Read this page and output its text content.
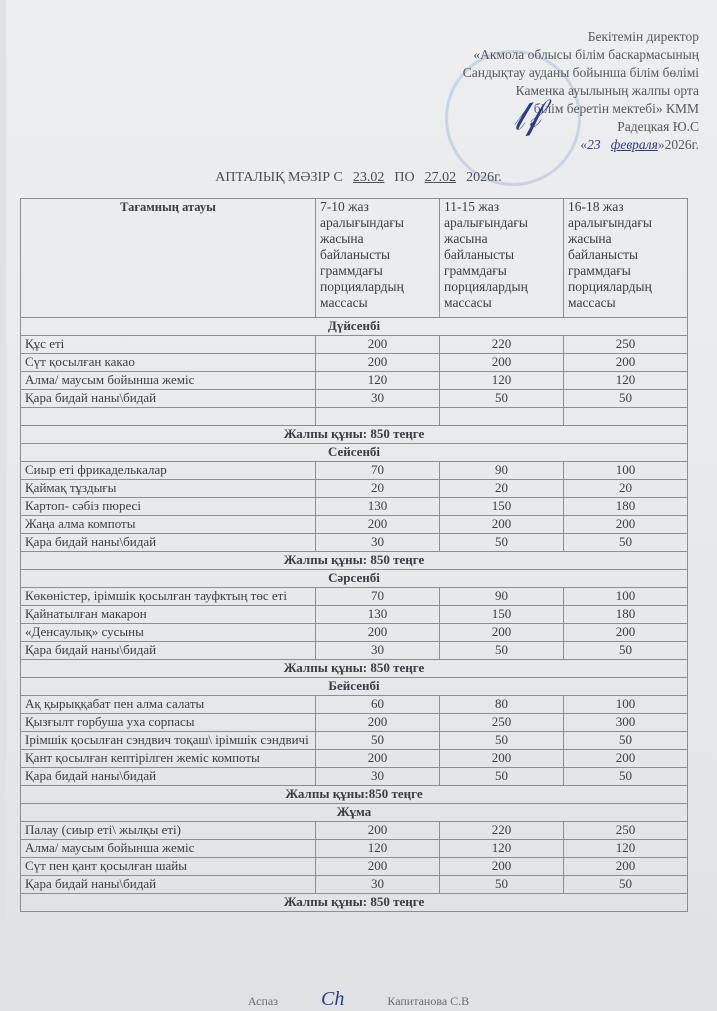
Бекітемін директор
«Акмола облысы білім баскармасының
Сандықтау ауданы бойынша білім бөлімі
Каменка ауылының жалпы орта
білім беретін мектебі» КММ
Радецкая Ю.С
«23 февраля»2026г.
𝓁𝒻
АПТАЛЫҚ МӘЗІР С 23.02 ПО 27.02 2026г.
Тағамның атауы	7-10 жаз аралығындағы жасына байланысты граммдағы порциялардың массасы	11-15 жаз аралығындағы жасына байланысты граммдағы порциялардың массасы	16-18 жаз аралығындағы жасына байланысты граммдағы порциялардың массасы
Дүйсенбі			
Құс еті	200	220	250
Сүт қосылған какао	200	200	200
Алма/ маусым бойынша жеміс	120	120	120
Қара бидай наны\бидай	30	50	50

Жалпы құны: 850 теңге			
Сейсенбі			
Сиыр еті фрикаделькалар	70	90	100
Қаймақ тұздығы	20	20	20
Картоп- сәбіз пюресі	130	150	180
Жаңа алма компоты	200	200	200
Қара бидай наны\бидай	30	50	50
Жалпы құны: 850 теңге			
Сәрсенбі			
Көкөністер, ірімшік қосылған тауфктың төс еті	70	90	100
Қайнатылған макарон	130	150	180
«Денсаулық» сусыны	200	200	200
Қара бидай наны\бидай	30	50	50
Жалпы құны: 850 теңге			
Бейсенбі			
Ақ қырыққабат пен алма салаты	60	80	100
Қызғылт горбуша уха сорпасы	200	250	300
Ірімшік қосылған сэндвич тоқаш\ ірімшік сэндвичі	50	50	50
Қант қосылған кептірілген жеміс компоты	200	200	200
Қара бидай наны\бидай	30	50	50
Жалпы құны:850 теңге			
Жұма			
Палау (сиыр еті\ жылқы еті)	200	220	250
Алма/ маусым бойынша жеміс	120	120	120
Сүт пен қант қосылған шайы	200	200	200
Қара бидай наны\бидай	30	50	50
Жалпы құны: 850 теңге			
Аспаз Ch	Капитанова С.В
